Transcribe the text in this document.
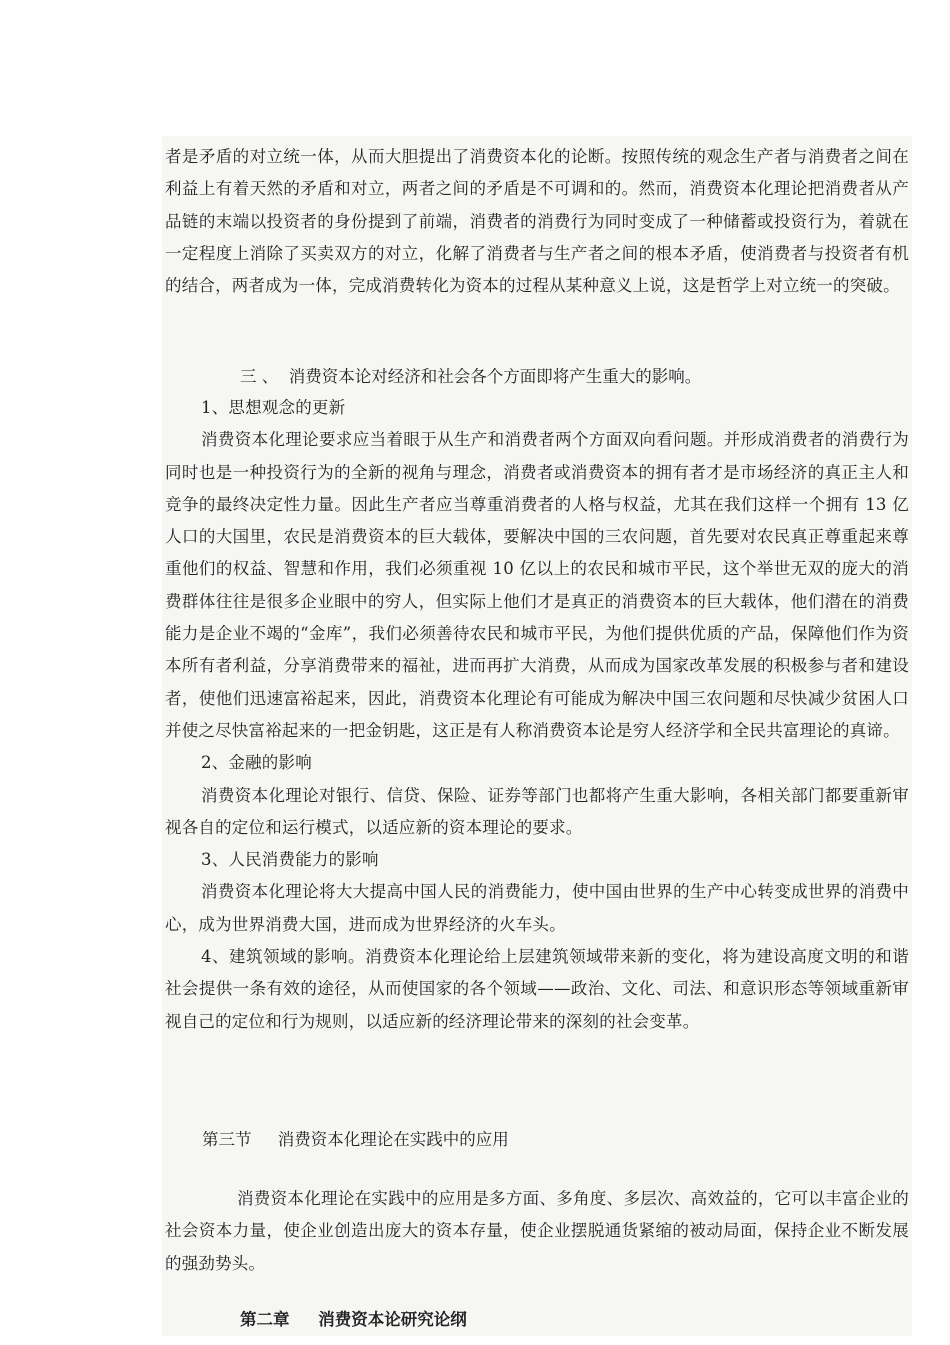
者是矛盾的对立统一体，从而大胆提出了消费资本化的论断。按照传统的观念生产者与消费者之间在利益上有着天然的矛盾和对立，两者之间的矛盾是不可调和的。然而，消费资本化理论把消费者从产品链的末端以投资者的身份提到了前端，消费者的消费行为同时变成了一种储蓄或投资行为，着就在一定程度上消除了买卖双方的对立，化解了消费者与生产者之间的根本矛盾，使消费者与投资者有机的结合，两者成为一体，完成消费转化为资本的过程从某种意义上说，这是哲学上对立统一的突破。

三 、  消费资本论对经济和社会各个方面即将产生重大的影响。

1、思想观念的更新

消费资本化理论要求应当着眼于从生产和消费者两个方面双向看问题。并形成消费者的消费行为同时也是一种投资行为的全新的视角与理念，消费者或消费资本的拥有者才是市场经济的真正主人和竞争的最终决定性力量。因此生产者应当尊重消费者的人格与权益，尤其在我们这样一个拥有 13 亿人口的大国里，农民是消费资本的巨大载体，要解决中国的三农问题，首先要对农民真正尊重起来尊重他们的权益、智慧和作用，我们必须重视 10 亿以上的农民和城市平民，这个举世无双的庞大的消费群体往往是很多企业眼中的穷人，但实际上他们才是真正的消费资本的巨大载体，他们潜在的消费能力是企业不竭的“金库”，我们必须善待农民和城市平民，为他们提供优质的产品，保障他们作为资本所有者利益，分享消费带来的福祉，进而再扩大消费，从而成为国家改革发展的积极参与者和建设者，使他们迅速富裕起来，因此，消费资本化理论有可能成为解决中国三农问题和尽快减少贫困人口并使之尽快富裕起来的一把金钥匙，这正是有人称消费资本论是穷人经济学和全民共富理论的真谛。

2、金融的影响

消费资本化理论对银行、信贷、保险、证券等部门也都将产生重大影响，各相关部门都要重新审视各自的定位和运行模式，以适应新的资本理论的要求。

3、人民消费能力的影响

消费资本化理论将大大提高中国人民的消费能力，使中国由世界的生产中心转变成世界的消费中心，成为世界消费大国，进而成为世界经济的火车头。

4、建筑领域的影响。消费资本化理论给上层建筑领域带来新的变化，将为建设高度文明的和谐社会提供一条有效的途径，从而使国家的各个领域——政治、文化、司法、和意识形态等领域重新审视自己的定位和行为规则，以适应新的经济理论带来的深刻的社会变革。

第三节     消费资本化理论在实践中的应用

消费资本化理论在实践中的应用是多方面、多角度、多层次、高效益的，它可以丰富企业的社会资本力量，使企业创造出庞大的资本存量，使企业摆脱通货紧缩的被动局面，保持企业不断发展的强劲势头。

第二章     消费资本论研究论纲
